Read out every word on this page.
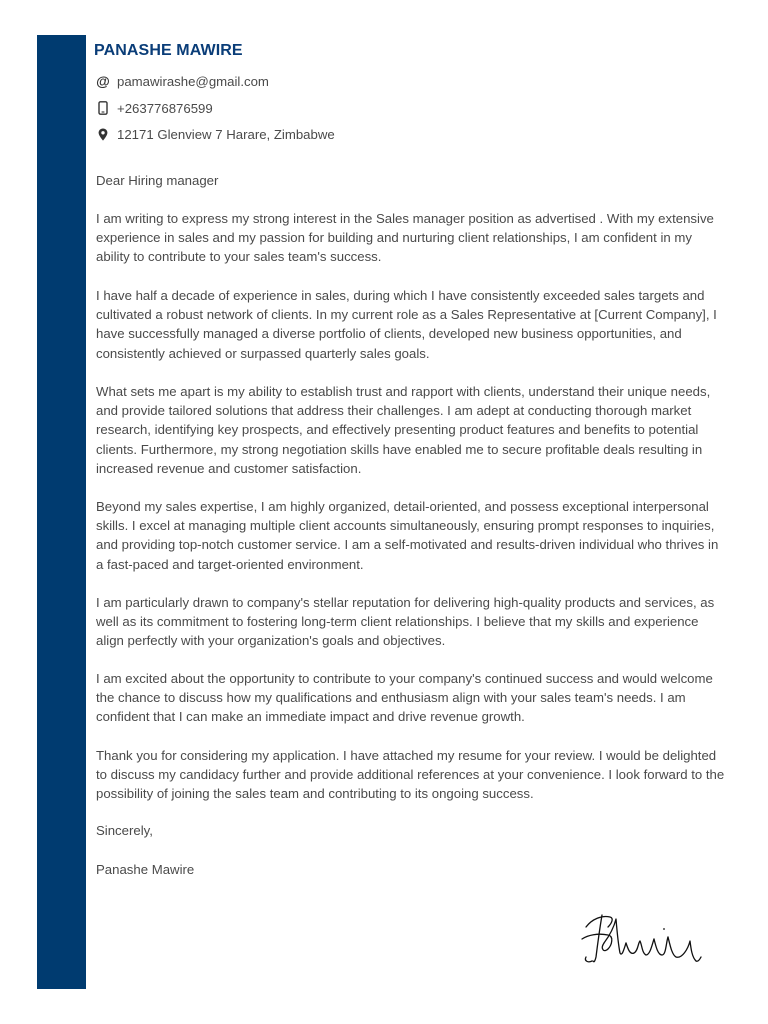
PANASHE MAWIRE
@ pamawirashe@gmail.com
+263776876599
12171 Glenview 7 Harare, Zimbabwe
Dear Hiring manager

I am writing to express my strong interest in the Sales manager position as advertised . With my extensive experience in sales and my passion for building and nurturing client relationships, I am confident in my ability to contribute to your sales team's success.

I have half a decade of experience in sales, during which I have consistently exceeded sales targets and cultivated a robust network of clients. In my current role as a Sales Representative at [Current Company], I have successfully managed a diverse portfolio of clients, developed new business opportunities, and consistently achieved or surpassed quarterly sales goals.

What sets me apart is my ability to establish trust and rapport with clients, understand their unique needs, and provide tailored solutions that address their challenges. I am adept at conducting thorough market research, identifying key prospects, and effectively presenting product features and benefits to potential clients. Furthermore, my strong negotiation skills have enabled me to secure profitable deals resulting in increased revenue and customer satisfaction.

Beyond my sales expertise, I am highly organized, detail-oriented, and possess exceptional interpersonal skills. I excel at managing multiple client accounts simultaneously, ensuring prompt responses to inquiries, and providing top-notch customer service. I am a self-motivated and results-driven individual who thrives in a fast-paced and target-oriented environment.

I am particularly drawn to company's stellar reputation for delivering high-quality products and services, as well as its commitment to fostering long-term client relationships. I believe that my skills and experience align perfectly with your organization's goals and objectives.

I am excited about the opportunity to contribute to your company's continued success and would welcome the chance to discuss how my qualifications and enthusiasm align with your sales team's needs. I am confident that I can make an immediate impact and drive revenue growth.

Thank you for considering my application. I have attached my resume for your review. I would be delighted to discuss my candidacy further and provide additional references at your convenience. I look forward to the possibility of joining the sales team and contributing to its ongoing success.

Sincerely,
Panashe Mawire
